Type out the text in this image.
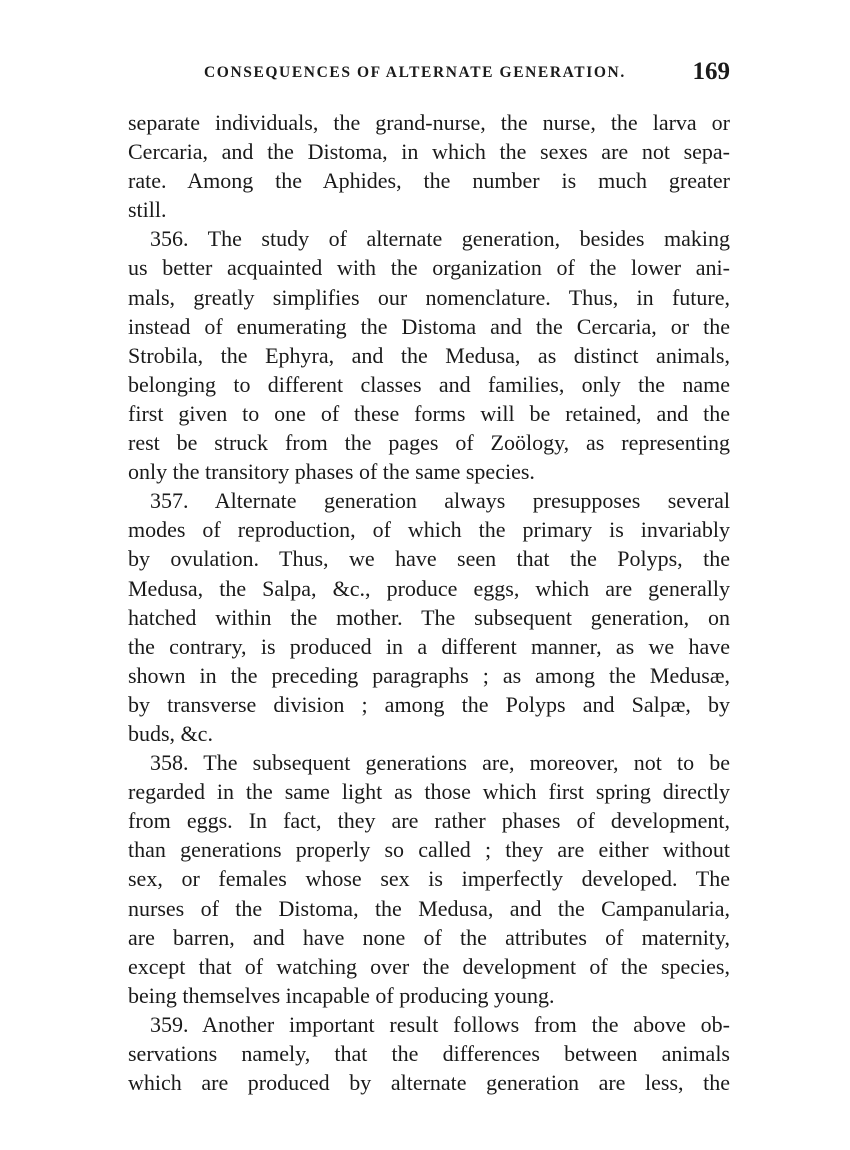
CONSEQUENCES OF ALTERNATE GENERATION.	169
separate individuals, the grand-nurse, the nurse, the larva or
Cercaria, and the Distoma, in which the sexes are not sepa-
rate. Among the Aphides, the number is much greater
still.
356. The study of alternate generation, besides making
us better acquainted with the organization of the lower ani-
mals, greatly simplifies our nomenclature. Thus, in future,
instead of enumerating the Distoma and the Cercaria, or the
Strobila, the Ephyra, and the Medusa, as distinct animals,
belonging to different classes and families, only the name
first given to one of these forms will be retained, and the
rest be struck from the pages of Zoölogy, as representing
only the transitory phases of the same species.
357. Alternate generation always presupposes several
modes of reproduction, of which the primary is invariably
by ovulation. Thus, we have seen that the Polyps, the
Medusa, the Salpa, &c., produce eggs, which are generally
hatched within the mother. The subsequent generation, on
the contrary, is produced in a different manner, as we have
shown in the preceding paragraphs ; as among the Medusæ,
by transverse division ; among the Polyps and Salpæ, by
buds, &c.
358. The subsequent generations are, moreover, not to be
regarded in the same light as those which first spring directly
from eggs. In fact, they are rather phases of development,
than generations properly so called ; they are either without
sex, or females whose sex is imperfectly developed. The
nurses of the Distoma, the Medusa, and the Campanularia,
are barren, and have none of the attributes of maternity,
except that of watching over the development of the species,
being themselves incapable of producing young.
359. Another important result follows from the above ob-
servations namely, that the differences between animals
which are produced by alternate generation are less, the
